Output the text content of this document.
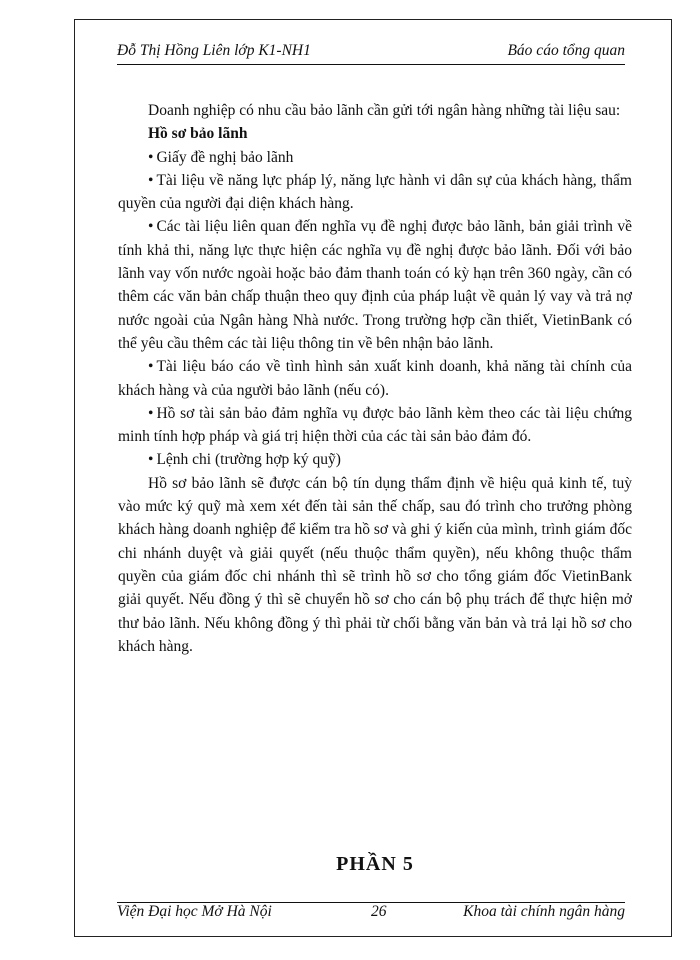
Đỗ Thị Hồng Liên lớp K1-NH1	Báo cáo tổng quan

Doanh nghiệp có nhu cầu bảo lãnh cần gửi tới ngân hàng những tài liệu sau:

Hồ sơ bảo lãnh

• Giấy đề nghị bảo lãnh

• Tài liệu về năng lực pháp lý, năng lực hành vi dân sự của khách hàng, thẩm quyền của người đại diện khách hàng.

• Các tài liệu liên quan đến nghĩa vụ đề nghị được bảo lãnh, bản giải trình về tính khả thi, năng lực thực hiện các nghĩa vụ đề nghị được bảo lãnh. Đối với bảo lãnh vay vốn nước ngoài hoặc bảo đảm thanh toán có kỳ hạn trên 360 ngày, cần có thêm các văn bản chấp thuận theo quy định của pháp luật về quản lý vay và trả nợ nước ngoài của Ngân hàng Nhà nước. Trong trường hợp cần thiết, VietinBank có thể yêu cầu thêm các tài liệu thông tin về bên nhận bảo lãnh.

• Tài liệu báo cáo về tình hình sản xuất kinh doanh, khả năng tài chính của khách hàng và của người bảo lãnh (nếu có).

• Hồ sơ tài sản bảo đảm nghĩa vụ được bảo lãnh kèm theo các tài liệu chứng minh tính hợp pháp và giá trị hiện thời của các tài sản bảo đảm đó.

• Lệnh chi (trường hợp ký quỹ)

Hồ sơ bảo lãnh sẽ được cán bộ tín dụng thẩm định về hiệu quả kinh tế, tuỳ vào mức ký quỹ mà xem xét đến tài sản thế chấp, sau đó trình cho trưởng phòng khách hàng doanh nghiệp để kiểm tra hồ sơ và ghi ý kiến của mình, trình giám đốc chi nhánh duyệt và giải quyết (nếu thuộc thẩm quyền), nếu không thuộc thẩm quyền của giám đốc chi nhánh thì sẽ trình hồ sơ cho tổng giám đốc VietinBank giải quyết. Nếu đồng ý thì sẽ chuyển hồ sơ cho cán bộ phụ trách để thực hiện mở thư bảo lãnh. Nếu không đồng ý thì phải từ chối bằng văn bản và trả lại hồ sơ cho khách hàng.

PHẦN 5
Viện Đại học Mở Hà Nội	26	Khoa tài chính ngân hàng
